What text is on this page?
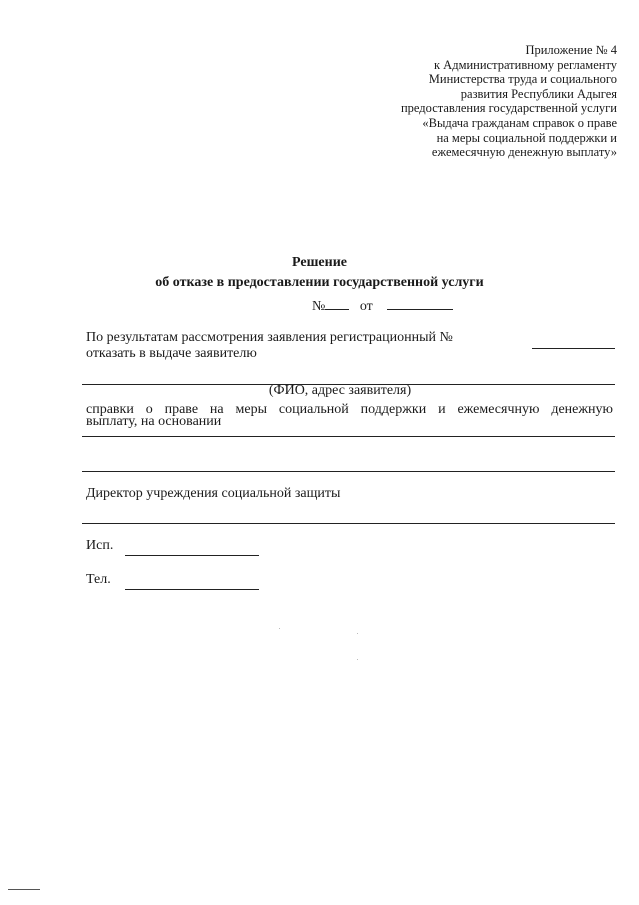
Приложение № 4
к Административному регламенту
Министерства труда и социального
развития Республики Адыгея
предоставления государственной услуги
«Выдача гражданам справок о праве
на меры социальной поддержки и
ежемесячную денежную выплату»
Решение
об отказе в предоставлении государственной услуги
№ от
По результатам рассмотрения заявления регистрационный №
отказать в выдаче заявителю
(ФИО, адрес заявителя)
справки о праве на меры социальной поддержки и ежемесячную денежную
выплату, на основании
Директор учреждения социальной защиты
Исп.
Тел.
